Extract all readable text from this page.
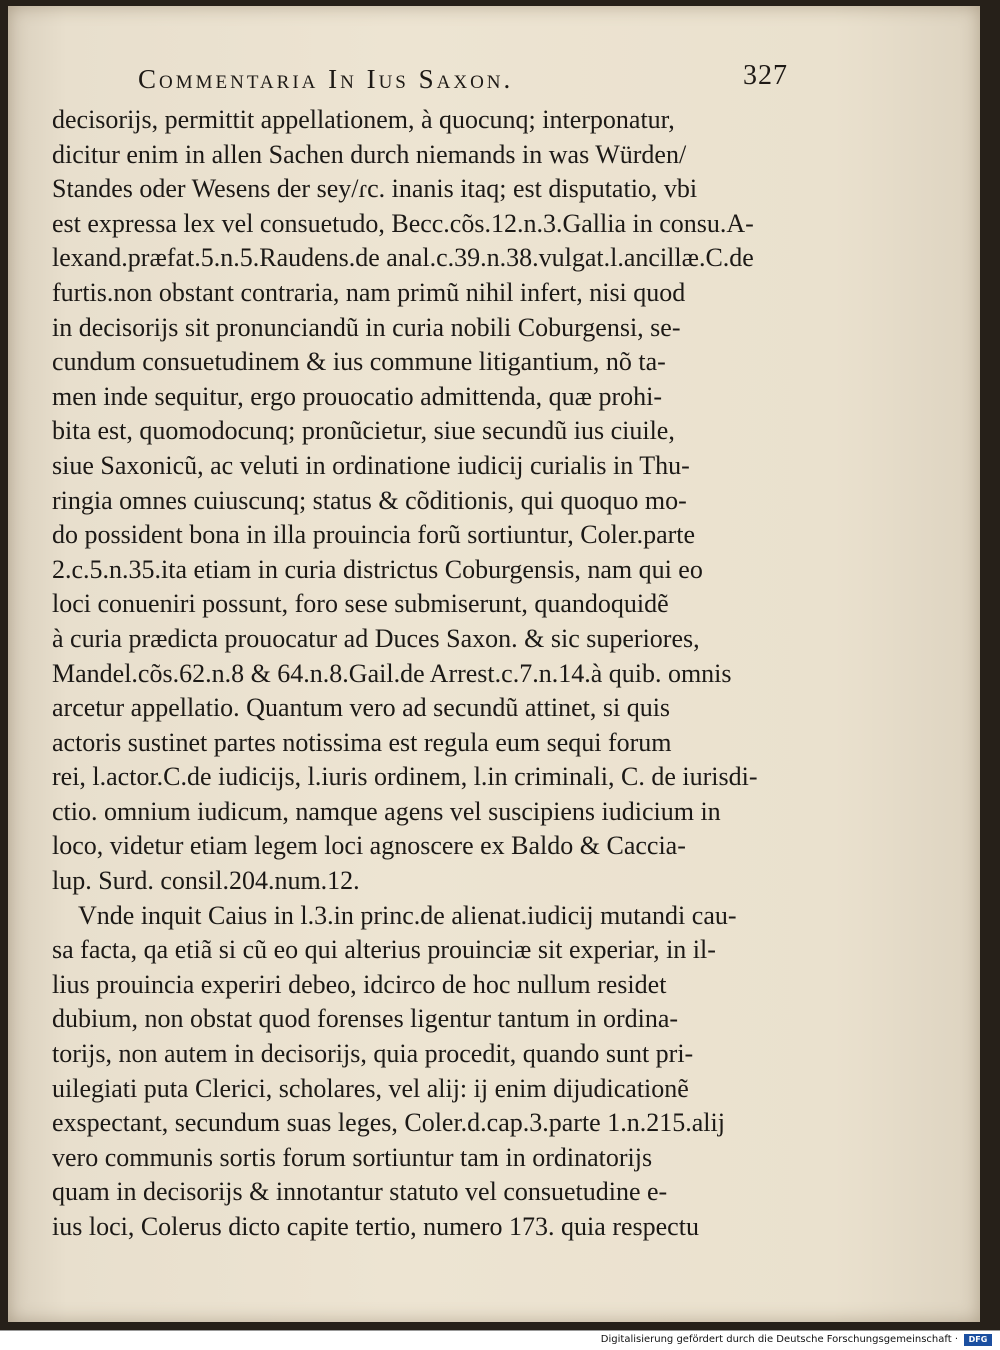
Commentaria In Ius Saxon.	327
decisorijs, permittit appellationem, à quocunq; interponatur,
dicitur enim in allen Sachen durch niemands in was Würden/
Standes oder Wesens der sey/ɾc. inanis itaq; est disputatio, vbi
est expressa lex vel consuetudo, Becc.cõs.12.n.3.Gallia in consu.A-
lexand.præfat.5.n.5.Raudens.de anal.c.39.n.38.vulgat.l.ancillæ.C.de
furtis.non obstant contraria, nam primũ nihil infert, nisi quod
in decisorijs sit pronunciandũ in curia nobili Coburgensi, se-
cundum consuetudinem & ius commune litigantium, nõ ta-
men inde sequitur, ergo prouocatio admittenda, quæ prohi-
bita est, quomodocunq; pronũcietur, siue secundũ ius ciuile,
siue Saxonicũ, ac veluti in ordinatione iudicij curialis in Thu-
ringia omnes cuiuscunq; status & cõditionis, qui quoquo mo-
do possident bona in illa prouincia forũ sortiuntur, Coler.parte
2.c.5.n.35.ita etiam in curia districtus Coburgensis, nam qui eo
loci conueniri possunt, foro sese submiserunt, quandoquidẽ
à curia prædicta prouocatur ad Duces Saxon. & sic superiores,
Mandel.cõs.62.n.8 & 64.n.8.Gail.de Arrest.c.7.n.14.à quib. omnis
arcetur appellatio. Quantum vero ad secundũ attinet, si quis
actoris sustinet partes notissima est regula eum sequi forum
rei, l.actor.C.de iudicijs, l.iuris ordinem, l.in criminali, C. de iurisdi-
ctio. omnium iudicum, namque agens vel suscipiens iudicium in
loco, videtur etiam legem loci agnoscere ex Baldo & Caccia-
lup. Surd. consil.204.num.12.
Vnde inquit Caius in l.3.in princ.de alienat.iudicij mutandi cau-
sa facta, qa etiã si cũ eo qui alterius prouinciæ sit experiar, in il-
lius prouincia experiri debeo, idcirco de hoc nullum residet
dubium, non obstat quod forenses ligentur tantum in ordina-
torijs, non autem in decisorijs, quia procedit, quando sunt pri-
uilegiati puta Clerici, scholares, vel alij: ij enim dijudicationẽ
exspectant, secundum suas leges, Coler.d.cap.3.parte 1.n.215.alij
vero communis sortis forum sortiuntur tam in ordinatorijs
quam in decisorijs & innotantur statuto vel consuetudine e-
ius loci, Colerus dicto capite tertio, numero 173. quia respectu
Digitalisierung gefördert durch die Deutsche Forschungsgemeinschaft ·	DFG
